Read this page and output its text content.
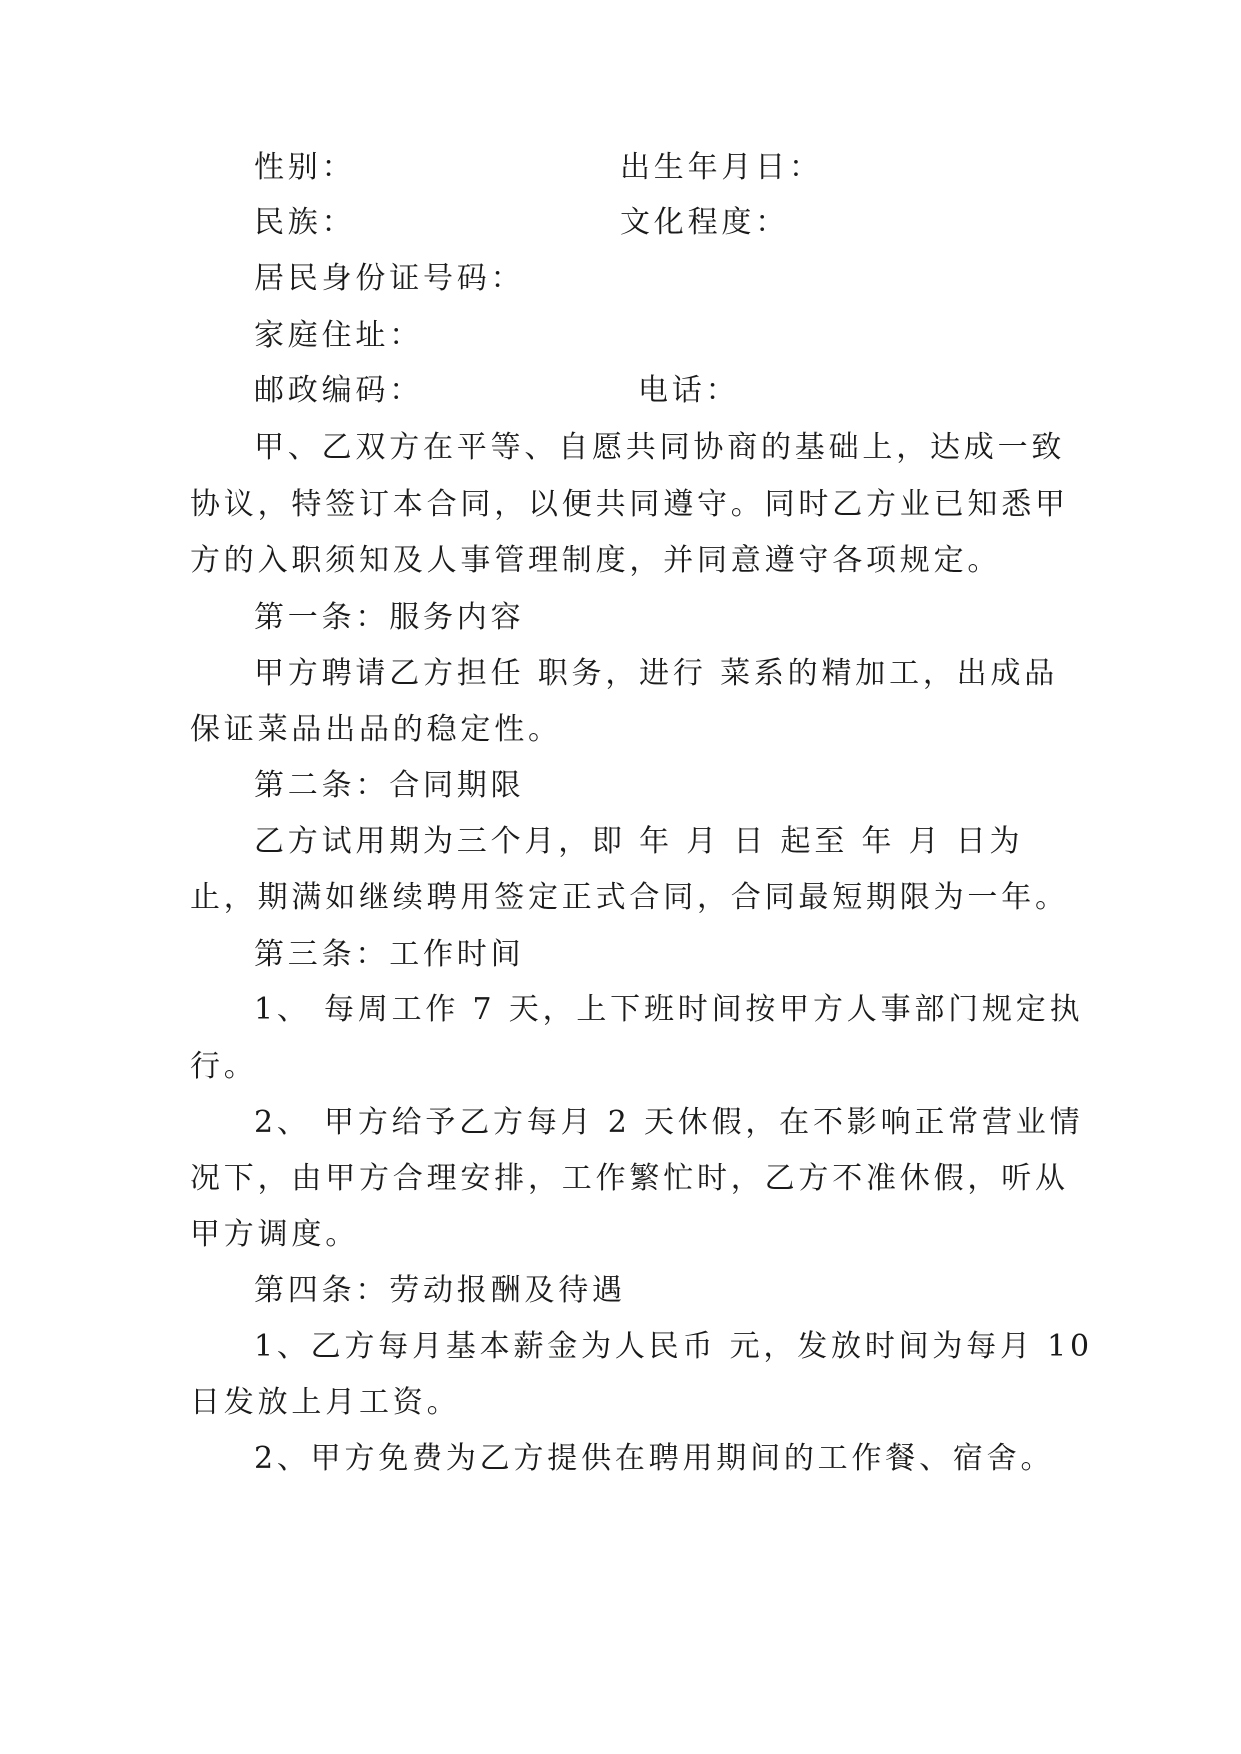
性别：	出生年月日：
民族：	文化程度：
居民身份证号码：
家庭住址：
邮政编码：	电话：
甲、乙双方在平等、自愿共同协商的基础上，达成一致
协议，特签订本合同，以便共同遵守。同时乙方业已知悉甲
方的入职须知及人事管理制度，并同意遵守各项规定。
第一条：服务内容
甲方聘请乙方担任 职务，进行 菜系的精加工，出成品
保证菜品出品的稳定性。
第二条：合同期限
乙方试用期为三个月，即 年 月 日 起至 年 月 日为
止，期满如继续聘用签定正式合同，合同最短期限为一年。
第三条：工作时间
1、 每周工作 7 天，上下班时间按甲方人事部门规定执
行。
2、 甲方给予乙方每月 2 天休假，在不影响正常营业情
况下，由甲方合理安排，工作繁忙时，乙方不准休假，听从
甲方调度。
第四条：劳动报酬及待遇
1、乙方每月基本薪金为人民币 元，发放时间为每月 10
日发放上月工资。
2、甲方免费为乙方提供在聘用期间的工作餐、宿舍。
